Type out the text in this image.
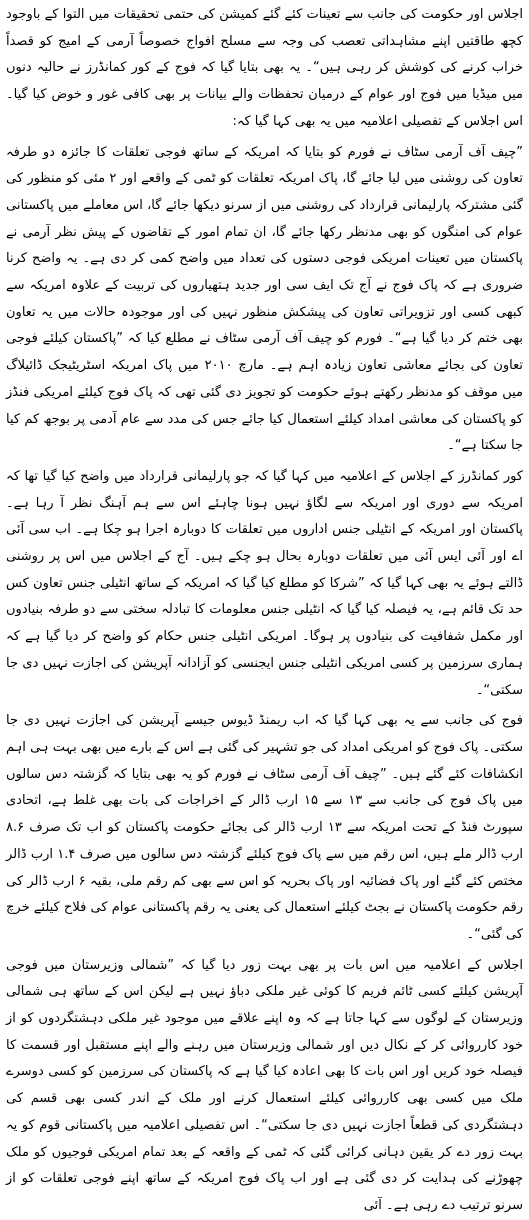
اجلاس اور حکومت کی جانب سے تعینات کئے گئے کمیشن کی حتمی تحقیقات میں التوا کے باوجود کچھ طاقتیں اپنے مشاہداتی تعصب کی وجہ سے مسلح افواج خصوصاً آرمی کے امیج کو قصداً خراب کرنے کی کوشش کر رہی ہیں“۔ یہ بھی بتایا گیا کہ فوج کے کور کمانڈرز نے حالیہ دنوں میں میڈیا میں فوج اور عوام کے درمیان تحفظات والے بیانات پر بھی کافی غور و خوض کیا گیا۔ اس اجلاس کے تفصیلی اعلامیہ میں یہ بھی کہا گیا کہ:

”چیف آف آرمی سٹاف نے فورم کو بتایا کہ امریکہ کے ساتھ فوجی تعلقات کا جائزہ دو طرفہ تعاون کی روشنی میں لیا جائے گا، پاک امریکہ تعلقات کو ٹمی کے واقعے اور ۲ مئی کو منظور کی گئی مشترکہ پارلیمانی قرارداد کی روشنی میں از سرنو دیکھا جائے گا، اس معاملے میں پاکستانی عوام کی امنگوں کو بھی مدنظر رکھا جائے گا، ان تمام امور کے تقاضوں کے پیش نظر آرمی نے پاکستان میں تعینات امریکی فوجی دستوں کی تعداد میں واضح کمی کر دی ہے۔ یہ واضح کرنا ضروری ہے کہ پاک فوج نے آج تک ایف سی اور جدید ہتھیاروں کی تربیت کے علاوہ امریکہ سے کبھی کسی اور تزویراتی تعاون کی پیشکش منظور نہیں کی اور موجودہ حالات میں یہ تعاون بھی ختم کر دیا گیا ہے“۔ فورم کو چیف آف آرمی سٹاف نے مطلع کیا کہ ”پاکستان کیلئے فوجی تعاون کی بجائے معاشی تعاون زیادہ اہم ہے۔ مارچ ۲۰۱۰ میں پاک امریکہ اسٹریٹیجک ڈائیلاگ میں موقف کو مدنظر رکھتے ہوئے حکومت کو تجویز دی گئی تھی کہ پاک فوج کیلئے امریکی فنڈز کو پاکستان کی معاشی امداد کیلئے استعمال کیا جائے جس کی مدد سے عام آدمی پر بوجھ کم کیا جا سکتا ہے“۔

کور کمانڈرز کے اجلاس کے اعلامیہ میں کہا گیا کہ جو پارلیمانی قرارداد میں واضح کیا گیا تھا کہ امریکہ سے دوری اور امریکہ سے لگاؤ نہیں ہونا چاہئے اس سے ہم آہنگ نظر آ رہا ہے۔ پاکستان اور امریکہ کے انٹیلی جنس اداروں میں تعلقات کا دوبارہ اجرا ہو چکا ہے۔ اب سی آئی اے اور آئی ایس آئی میں تعلقات دوبارہ بحال ہو چکے ہیں۔ آج کے اجلاس میں اس پر روشنی ڈالتے ہوئے یہ بھی کہا گیا کہ ”شرکا کو مطلع کیا گیا کہ امریکہ کے ساتھ انٹیلی جنس تعاون کس حد تک قائم ہے، یہ فیصلہ کیا گیا کہ انٹیلی جنس معلومات کا تبادلہ سختی سے دو طرفہ بنیادوں اور مکمل شفافیت کی بنیادوں پر ہوگا۔ امریکی انٹیلی جنس حکام کو واضح کر دیا گیا ہے کہ ہماری سرزمین پر کسی امریکی انٹیلی جنس ایجنسی کو آزادانہ آپریشن کی اجازت نہیں دی جا سکتی“۔

فوج کی جانب سے یہ بھی کہا گیا کہ اب ریمنڈ ڈیوس جیسے آپریشن کی اجازت نہیں دی جا سکتی۔ پاک فوج کو امریکی امداد کی جو تشہیر کی گئی ہے اس کے بارے میں بھی بہت ہی اہم انکشافات کئے گئے ہیں۔ ”چیف آف آرمی سٹاف نے فورم کو یہ بھی بتایا کہ گزشتہ دس سالوں میں پاک فوج کی جانب سے ۱۳ سے ۱۵ ارب ڈالر کے اخراجات کی بات بھی غلط ہے، اتحادی سپورٹ فنڈ کے تحت امریکہ سے ۱۳ ارب ڈالر کی بجائے حکومت پاکستان کو اب تک صرف ۸.۶ ارب ڈالر ملے ہیں، اس رقم میں سے پاک فوج کیلئے گزشتہ دس سالوں میں صرف ۱.۴ ارب ڈالر مختص کئے گئے اور پاک فضائیہ اور پاک بحریہ کو اس سے بھی کم رقم ملی، بقیہ ۶ ارب ڈالر کی رقم حکومت پاکستان نے بجٹ کیلئے استعمال کی یعنی یہ رقم پاکستانی عوام کی فلاح کیلئے خرچ کی گئی“۔

اجلاس کے اعلامیہ میں اس بات پر بھی بہت زور دیا گیا کہ ”شمالی وزیرستان میں فوجی آپریشن کیلئے کسی ٹائم فریم کا کوئی غیر ملکی دباؤ نہیں ہے لیکن اس کے ساتھ ہی شمالی وزیرستان کے لوگوں سے کہا جاتا ہے کہ وہ اپنے علاقے میں موجود غیر ملکی دہشتگردوں کو از خود کارروائی کر کے نکال دیں اور شمالی وزیرستان میں رہنے والے اپنے مستقبل اور قسمت کا فیصلہ خود کریں اور اس بات کا بھی اعادہ کیا گیا ہے کہ پاکستان کی سرزمین کو کسی دوسرے ملک میں کسی بھی کارروائی کیلئے استعمال کرنے اور ملک کے اندر کسی بھی قسم کی دہشتگردی کی قطعاً اجازت نہیں دی جا سکتی“۔ اس تفصیلی اعلامیہ میں پاکستانی قوم کو یہ بہت زور دے کر یقین دہانی کرائی گئی کہ ٹمی کے واقعہ کے بعد تمام امریکی فوجیوں کو ملک چھوڑنے کی ہدایت کر دی گئی ہے اور اب پاک فوج امریکہ کے ساتھ اپنے فوجی تعلقات کو از سرنو ترتیب دے رہی ہے۔ آئی
